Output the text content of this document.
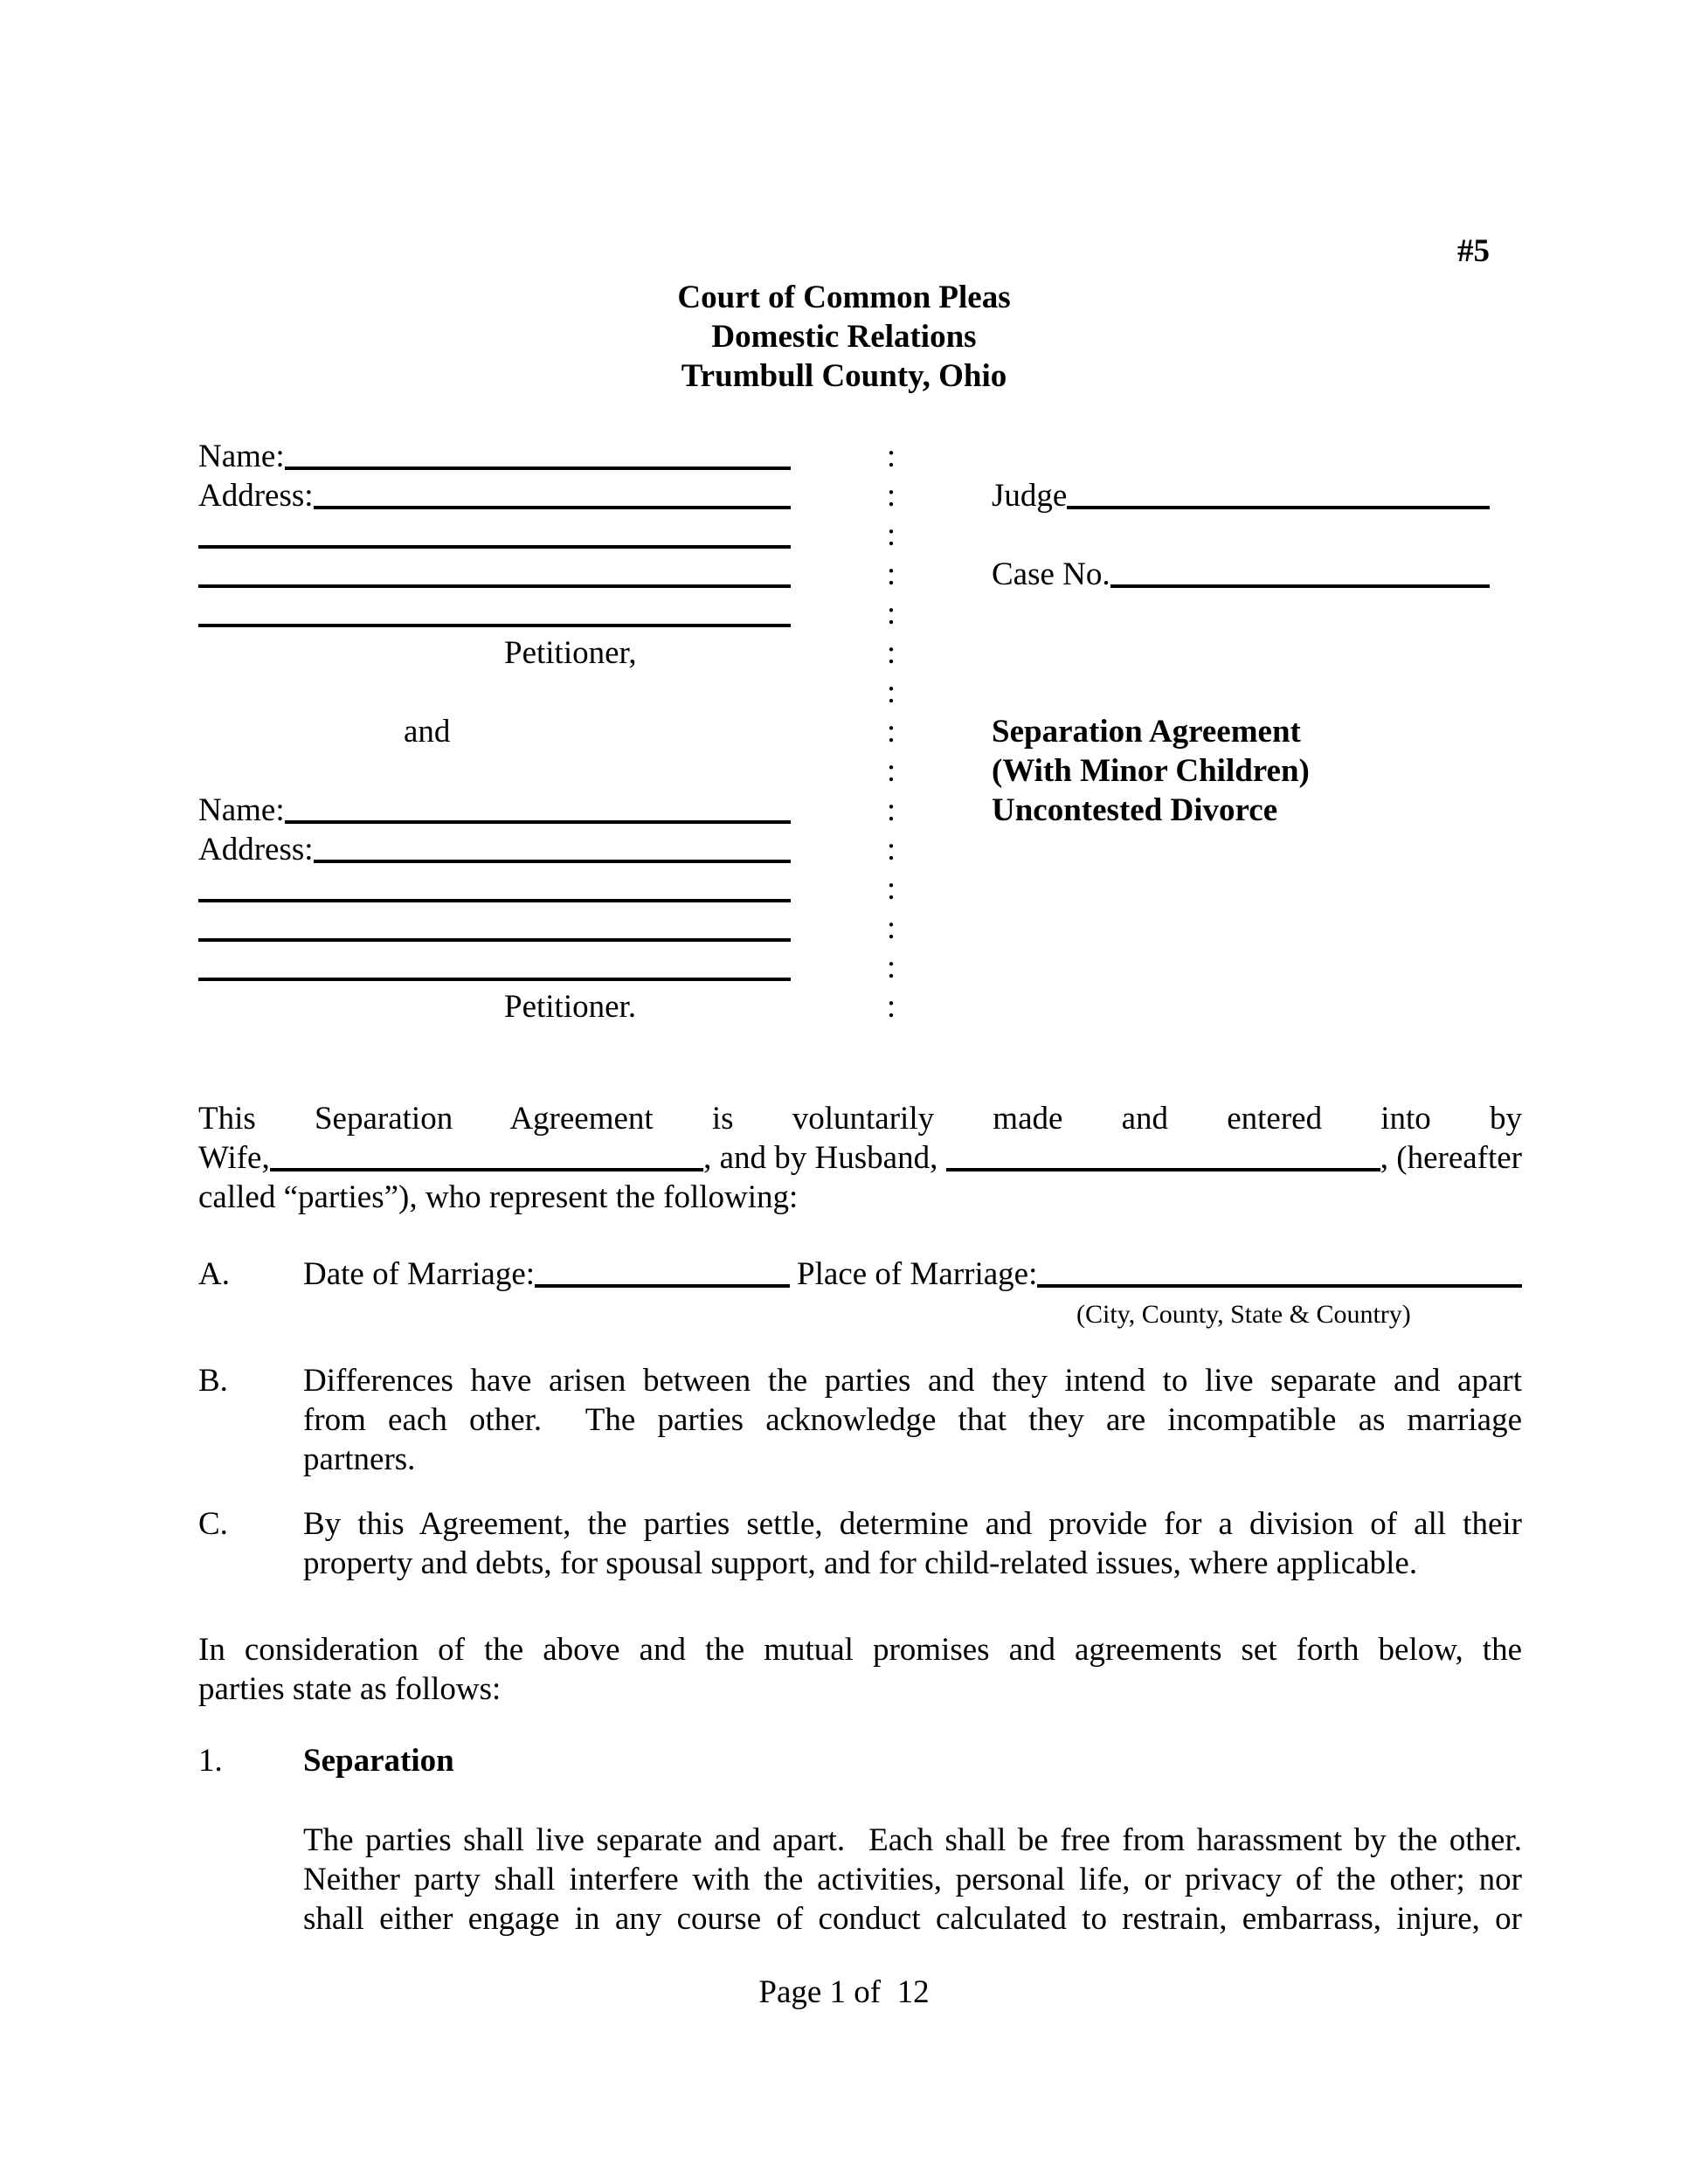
#5
Court of Common Pleas
Domestic Relations
Trumbull County, Ohio
Name:	:
Address:	:	Judge
:
:	Case No.
:
Petitioner,	:
:
and	:	Separation Agreement
:	(With Minor Children)
Name:	:	Uncontested Divorce
Address:	:
:
:
:
Petitioner.	:
This Separation Agreement is voluntarily made and entered into by
Wife,	, and by Husband,	, (hereafter
called “parties”), who represent the following:
A.	Date of Marriage:	Place of Marriage:
(City, County, State & Country)
B.	Differences have arisen between the parties and they intend to live separate and apart
from each other.  The parties acknowledge that they are incompatible as marriage
partners.
C.	By this Agreement, the parties settle, determine and provide for a division of all their
property and debts, for spousal support, and for child-related issues, where applicable.
In consideration of the above and the mutual promises and agreements set forth below, the
parties state as follows:
1.	Separation
The parties shall live separate and apart.  Each shall be free from harassment by the other.
Neither party shall interfere with the activities, personal life, or privacy of the other; nor
shall either engage in any course of conduct calculated to restrain, embarrass, injure, or
Page 1 of  12
